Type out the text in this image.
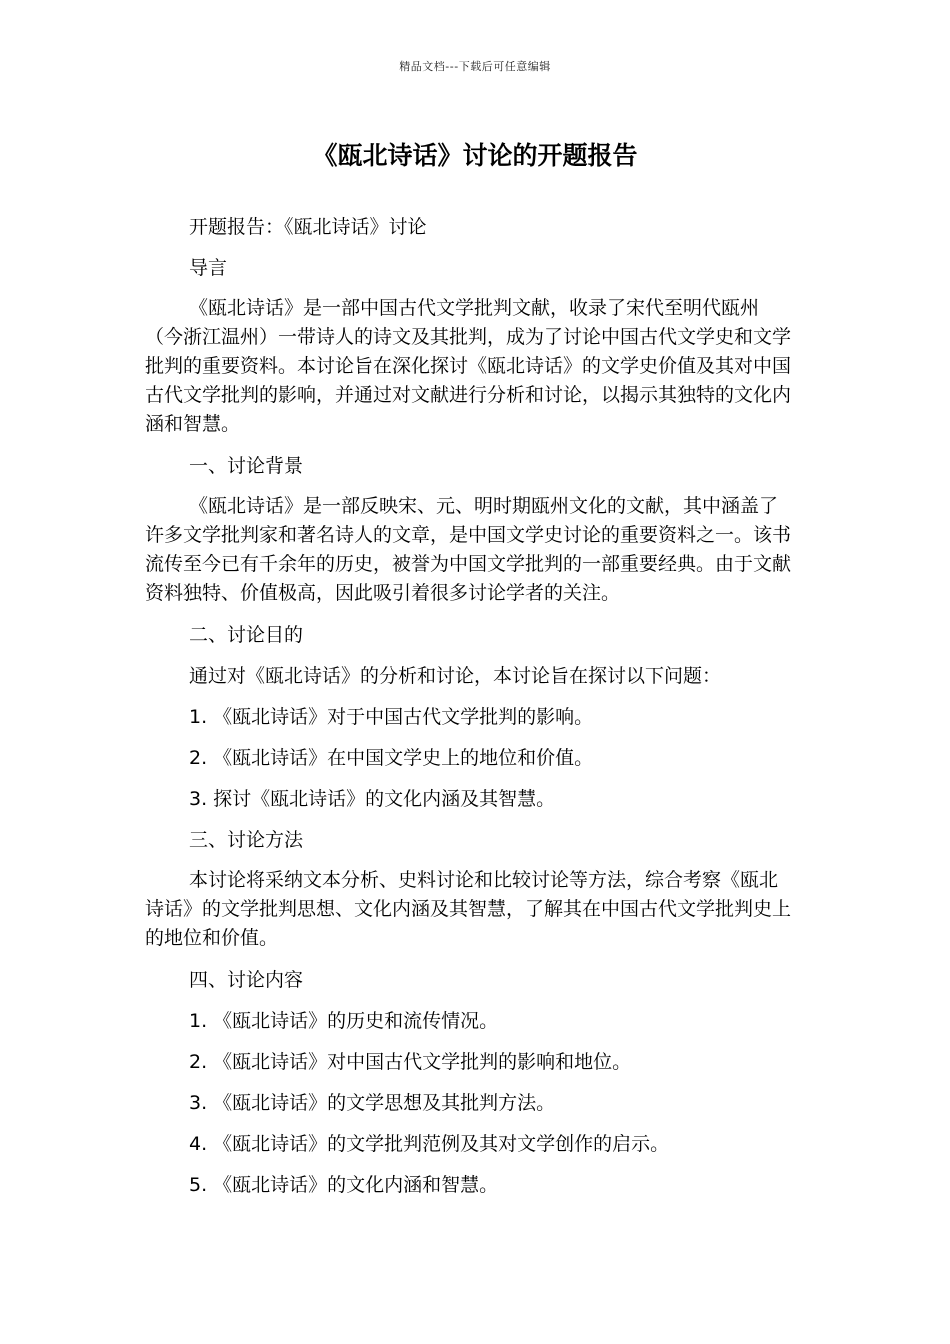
精品文档---下载后可任意编辑
《瓯北诗话》讨论的开题报告

开题报告：《瓯北诗话》讨论

导言

《瓯北诗话》是一部中国古代文学批判文献，收录了宋代至明代瓯州（今浙江温州）一带诗人的诗文及其批判，成为了讨论中国古代文学史和文学批判的重要资料。本讨论旨在深化探讨《瓯北诗话》的文学史价值及其对中国古代文学批判的影响，并通过对文献进行分析和讨论，以揭示其独特的文化内涵和智慧。

一、讨论背景

《瓯北诗话》是一部反映宋、元、明时期瓯州文化的文献，其中涵盖了许多文学批判家和著名诗人的文章，是中国文学史讨论的重要资料之一。该书流传至今已有千余年的历史，被誉为中国文学批判的一部重要经典。由于文献资料独特、价值极高，因此吸引着很多讨论学者的关注。

二、讨论目的

通过对《瓯北诗话》的分析和讨论，本讨论旨在探讨以下问题：

1. 《瓯北诗话》对于中国古代文学批判的影响。

2. 《瓯北诗话》在中国文学史上的地位和价值。

3. 探讨《瓯北诗话》的文化内涵及其智慧。

三、讨论方法

本讨论将采纳文本分析、史料讨论和比较讨论等方法，综合考察《瓯北诗话》的文学批判思想、文化内涵及其智慧，了解其在中国古代文学批判史上的地位和价值。

四、讨论内容

1. 《瓯北诗话》的历史和流传情况。

2. 《瓯北诗话》对中国古代文学批判的影响和地位。

3. 《瓯北诗话》的文学思想及其批判方法。

4. 《瓯北诗话》的文学批判范例及其对文学创作的启示。

5. 《瓯北诗话》的文化内涵和智慧。
